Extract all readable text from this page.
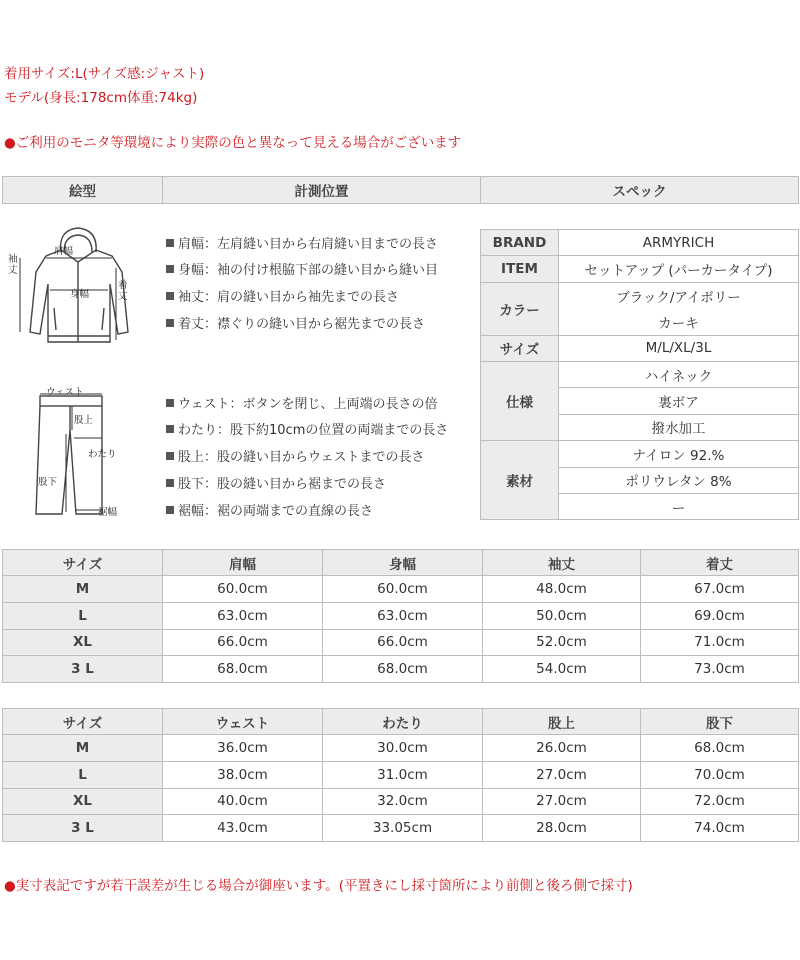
着用サイズ:L(サイズ感:ジャスト)
モデル(身長:178cm体重:74kg)
●ご利用のモニタ等環境により実際の色と異なって見える場合がございます
絵型	計測位置	スペック
肩幅
袖丈
身幅
着丈
ウェスト
股上
わたり
股下
裾幅
肩幅：左肩縫い目から右肩縫い目までの長さ
身幅：袖の付け根脇下部の縫い目から縫い目
袖丈：肩の縫い目から袖先までの長さ
着丈：襟ぐりの縫い目から裾先までの長さ
ウェスト：ボタンを閉じ、上両端の長さの倍
わたり：股下約10cmの位置の両端までの長さ
股上：股の縫い目からウェストまでの長さ
股下：股の縫い目から裾までの長さ
裾幅：裾の両端までの直線の長さ
BRAND	ARMYRICH
ITEM	セットアップ (パーカータイプ)
カラー	ブラック/アイボリー
	カーキ
サイズ	M/L/XL/3L
仕様	ハイネック
	裏ボア
	撥水加工
素材	ナイロン 92.%
	ポリウレタン 8%
	ー
サイズ	肩幅	身幅	袖丈	着丈
M	60.0cm	60.0cm	48.0cm	67.0cm
L	63.0cm	63.0cm	50.0cm	69.0cm
XL	66.0cm	66.0cm	52.0cm	71.0cm
3 L	68.0cm	68.0cm	54.0cm	73.0cm
サイズ	ウェスト	わたり	股上	股下
M	36.0cm	30.0cm	26.0cm	68.0cm
L	38.0cm	31.0cm	27.0cm	70.0cm
XL	40.0cm	32.0cm	27.0cm	72.0cm
3 L	43.0cm	33.05cm	28.0cm	74.0cm
●実寸表記ですが若干誤差が生じる場合が御座います。(平置きにし採寸箇所により前側と後ろ側で採寸)
